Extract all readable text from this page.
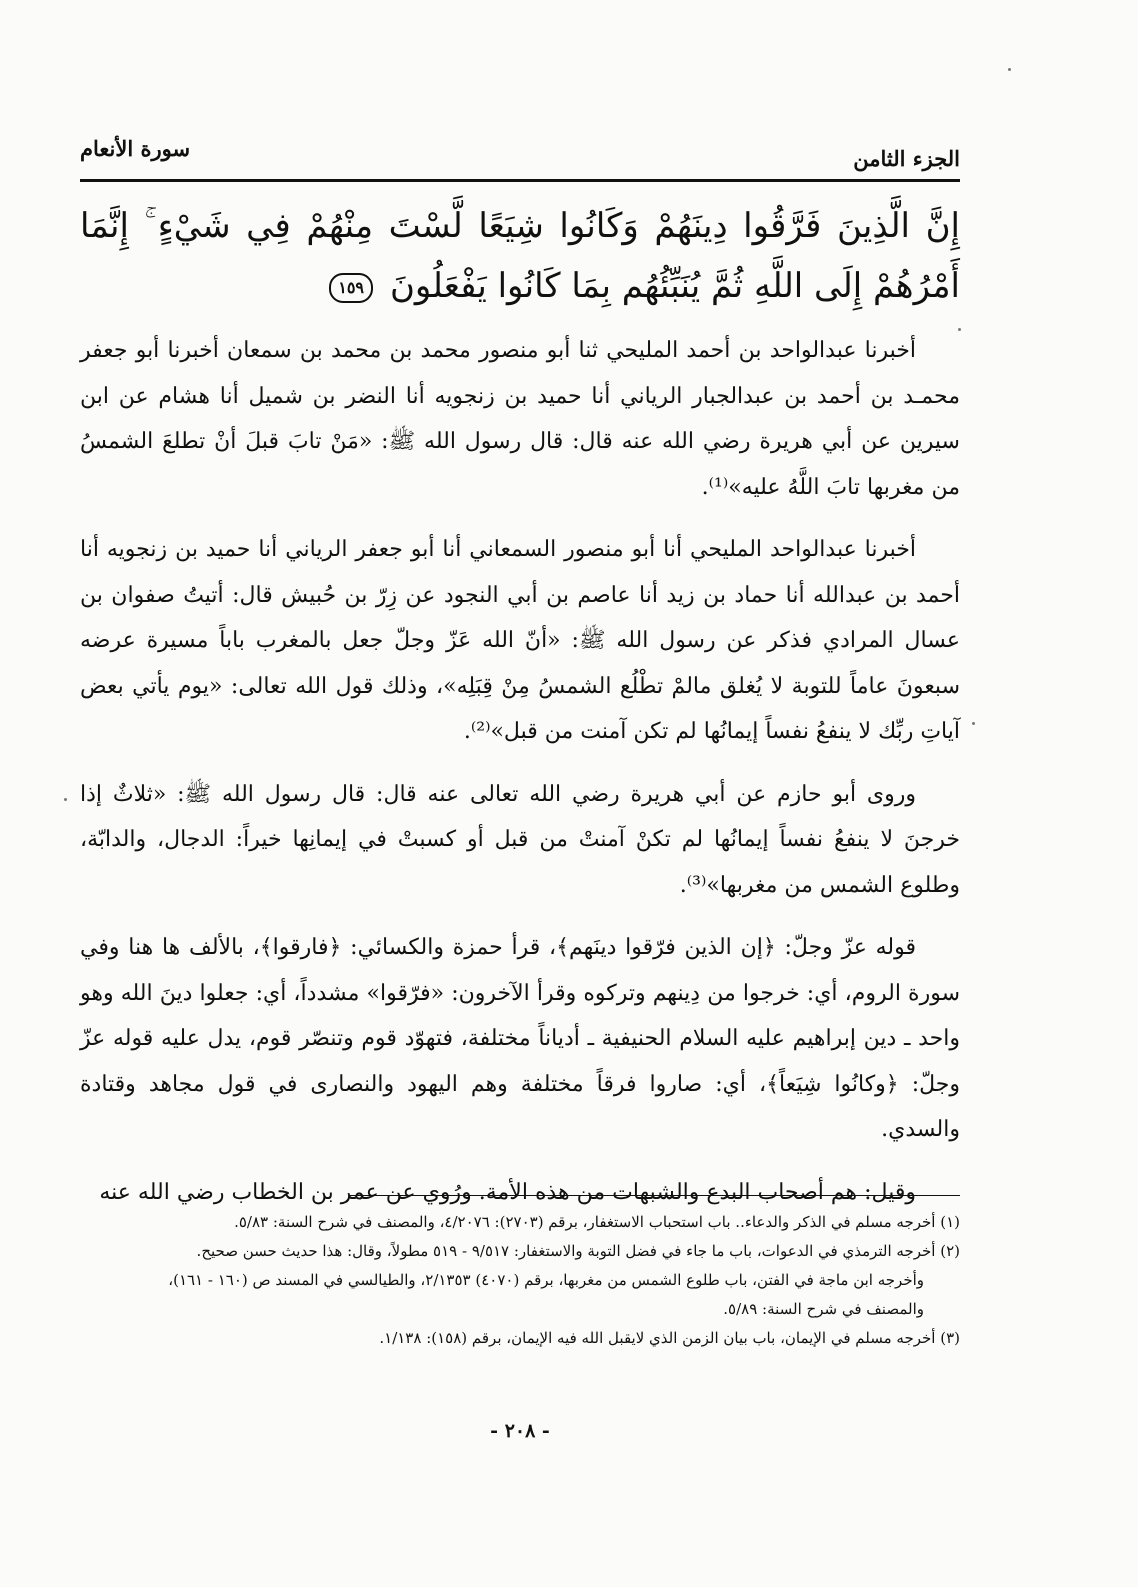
الجزء الثامن
سورة الأنعام
إِنَّ الَّذِينَ فَرَّقُوا دِينَهُمْ وَكَانُوا شِيَعًا لَّسْتَ مِنْهُمْ فِي شَيْءٍ ۚ إِنَّمَا أَمْرُهُمْ إِلَى اللَّهِ ثُمَّ يُنَبِّئُهُم بِمَا كَانُوا يَفْعَلُونَ ١٥٩

أخبرنا عبدالواحد بن أحمد المليحي ثنا أبو منصور محمد بن محمد بن سمعان أخبرنا أبو جعفر محمـد بن أحمد بن عبدالجبار الرياني أنا حميد بن زنجويه أنا النضر بن شميل أنا هشام عن ابن سيرين عن أبي هريرة رضي الله عنه قال: قال رسول الله ﷺ: «مَنْ تابَ قبلَ أنْ تطلعَ الشمسُ من مغربها تابَ اللَّهُ عليه»⁽¹⁾.

أخبرنا عبدالواحد المليحي أنا أبو منصور السمعاني أنا أبو جعفر الرياني أنا حميد بن زنجويه أنا أحمد بن عبدالله أنا حماد بن زيد أنا عاصم بن أبي النجود عن زِرّ بن حُبيش قال: أتيتُ صفوان بن عسال المرادي فذكر عن رسول الله ﷺ: «أنّ الله عَزّ وجلّ جعل بالمغرب باباً مسيرة عرضه سبعونَ عاماً للتوبة لا يُغلق مالمْ تطْلُع الشمسُ مِنْ قِبَلِه»، وذلك قول الله تعالى: «يوم يأتي بعض آياتِ ربِّك لا ينفعُ نفساً إيمانُها لم تكن آمنت من قبل»⁽²⁾.

وروى أبو حازم عن أبي هريرة رضي الله تعالى عنه قال: قال رسول الله ﷺ: «ثلاثٌ إذا خرجنَ لا ينفعُ نفساً إيمانُها لم تكنْ آمنتْ من قبل أو كسبتْ في إيمانِها خيراً: الدجال، والدابّة، وطلوع الشمس من مغربها»⁽³⁾.

قوله عزّ وجلّ: ﴿إن الذين فرّقوا دينَهم﴾، قرأ حمزة والكسائي: ﴿فارقوا﴾، بالألف ها هنا وفي سورة الروم، أي: خرجوا من دِينهم وتركوه وقرأ الآخرون: «فرّقوا» مشدداً، أي: جعلوا دينَ الله وهو واحد ـ دين إبراهيم عليه السلام الحنيفية ـ أدياناً مختلفة، فتهوّد قوم وتنصّر قوم، يدل عليه قوله عزّ وجلّ: ﴿وكانُوا شِيَعاً﴾، أي: صاروا فرقاً مختلفة وهم اليهود والنصارى في قول مجاهد وقتادة والسدي.

وقيل: هم أصحاب البدع والشبهات من هذه الأمة. ورُوي عن عمر بن الخطاب رضي الله عنه

(١) أخرجه مسلم في الذكر والدعاء.. باب استحباب الاستغفار، برقم (٢٧٠٣): ٤/٢٠٧٦، والمصنف في شرح السنة: ٥/٨٣.

(٢) أخرجه الترمذي في الدعوات، باب ما جاء في فضل التوبة والاستغفار: ٩/٥١٧ - ٥١٩ مطولاً، وقال: هذا حديث حسن صحيح.

وأخرجه ابن ماجة في الفتن، باب طلوع الشمس من مغربها، برقم (٤٠٧٠) ٢/١٣٥٣، والطيالسي في المسند ص (١٦٠ - ١٦١)،

والمصنف في شرح السنة: ٥/٨٩.

(٣) أخرجه مسلم في الإيمان، باب بيان الزمن الذي لايقبل الله فيه الإيمان، برقم (١٥٨): ١/١٣٨.

- ٢٠٨ -
